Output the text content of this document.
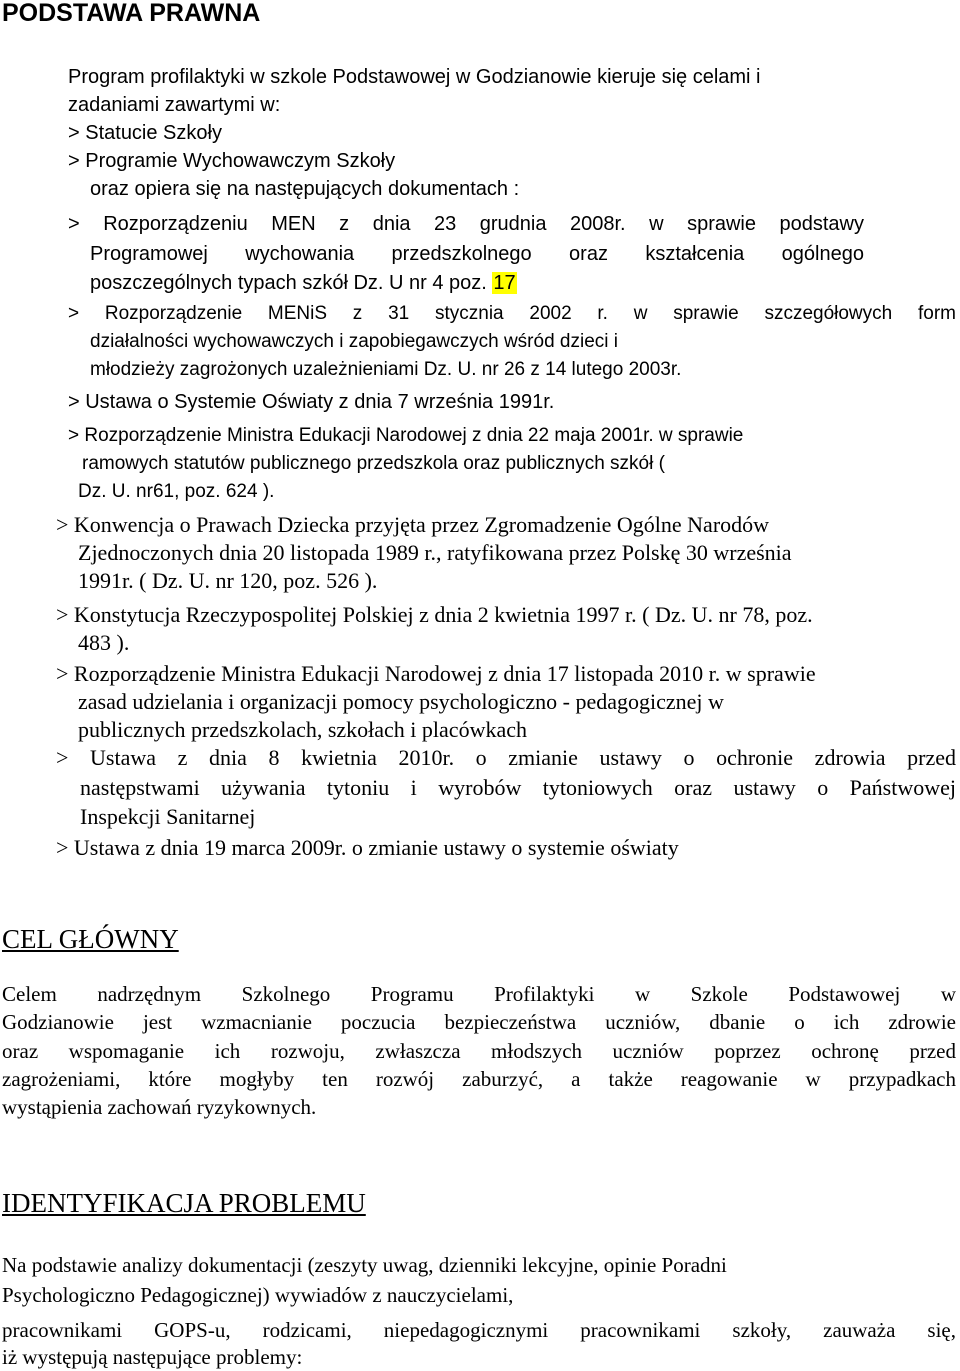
PODSTAWA PRAWNA

Program profilaktyki w szkole Podstawowej w Godzianowie kieruje się celami i

zadaniami zawartymi w:

> Statucie Szkoły

> Programie Wychowawczym Szkoły

oraz opiera się na następujących dokumentach :

> Rozporządzeniu MEN z dnia 23 grudnia 2008r. w sprawie podstawy

Programowej wychowania przedszkolnego oraz kształcenia ogólnego

poszczególnych typach szkół Dz. U nr 4 poz. 17

> Rozporządzenie MENiS z 31 stycznia 2002 r. w sprawie szczegółowych form

działalności wychowawczych i zapobiegawczych wśród dzieci i

młodzieży zagrożonych uzależnieniami Dz. U. nr 26 z 14 lutego 2003r.

> Ustawa o Systemie Oświaty z dnia 7 września 1991r.

> Rozporządzenie Ministra Edukacji Narodowej z dnia 22 maja 2001r. w sprawie

ramowych statutów publicznego przedszkola oraz publicznych szkół (

Dz. U. nr61, poz. 624 ).

> Konwencja o Prawach Dziecka przyjęta przez Zgromadzenie Ogólne Narodów

Zjednoczonych dnia 20 listopada 1989 r., ratyfikowana przez Polskę 30 września

1991r. ( Dz. U. nr 120, poz. 526 ).

> Konstytucja Rzeczypospolitej Polskiej z dnia 2 kwietnia 1997 r. ( Dz. U. nr 78, poz.

483 ).

> Rozporządzenie Ministra Edukacji Narodowej z dnia 17 listopada 2010 r. w sprawie

zasad udzielania i organizacji pomocy psychologiczno - pedagogicznej w

publicznych przedszkolach, szkołach i placówkach

> Ustawa z dnia 8 kwietnia 2010r. o zmianie ustawy o ochronie zdrowia przed

następstwami używania tytoniu i wyrobów tytoniowych oraz ustawy o Państwowej

Inspekcji Sanitarnej

> Ustawa z dnia 19 marca 2009r. o zmianie ustawy o systemie oświaty

CEL GŁÓWNY

Celem nadrzędnym Szkolnego Programu Profilaktyki w Szkole Podstawowej w
Godzianowie jest wzmacnianie poczucia bezpieczeństwa uczniów, dbanie o ich zdrowie
oraz wspomaganie ich rozwoju, zwłaszcza młodszych uczniów poprzez ochronę przed
zagrożeniami, które mogłyby ten rozwój zaburzyć, a także reagowanie w przypadkach
wystąpienia zachowań ryzykownych.

IDENTYFIKACJA PROBLEMU

Na podstawie analizy dokumentacji (zeszyty uwag, dzienniki lekcyjne, opinie Poradni

Psychologiczno Pedagogicznej) wywiadów z nauczycielami,

pracownikami GOPS-u, rodzicami, niepedagogicznymi pracownikami szkoły, zauważa się,

iż występują następujące problemy:
